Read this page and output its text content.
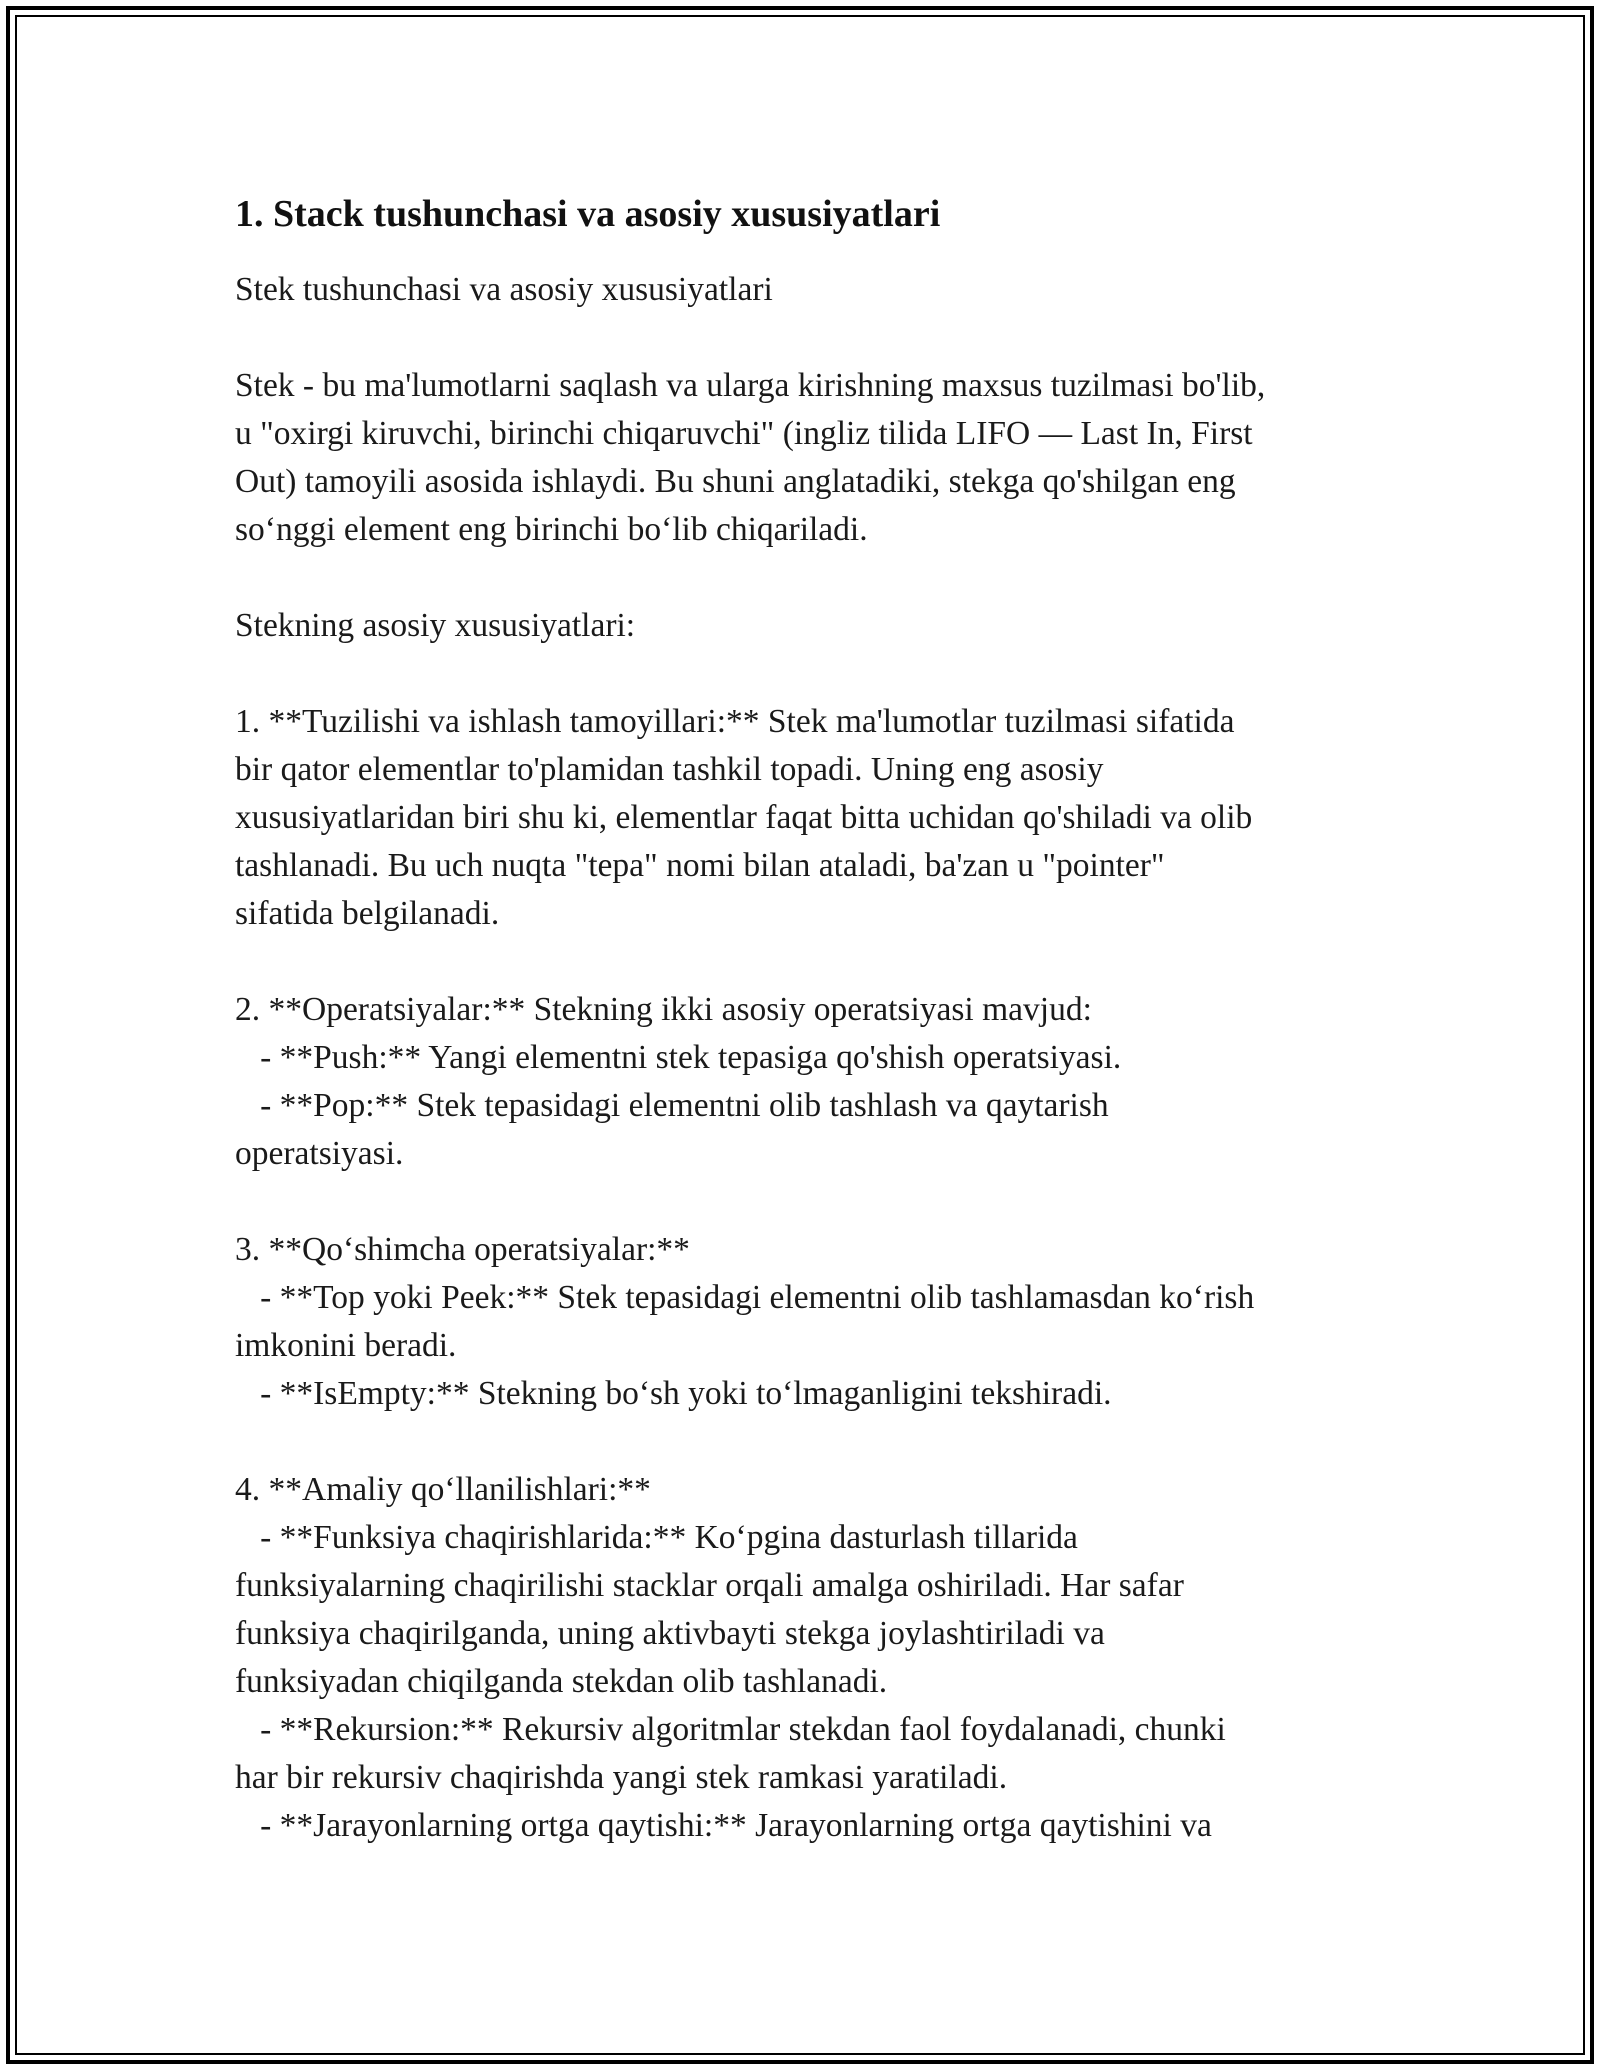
1. Stack tushunchasi va asosiy xususiyatlari
Stek tushunchasi va asosiy xususiyatlari
Stek - bu ma'lumotlarni saqlash va ularga kirishning maxsus tuzilmasi bo'lib,
u "oxirgi kiruvchi, birinchi chiqaruvchi" (ingliz tilida LIFO — Last In, First
Out) tamoyili asosida ishlaydi. Bu shuni anglatadiki, stekga qo'shilgan eng
so‘nggi element eng birinchi bo‘lib chiqariladi.
Stekning asosiy xususiyatlari:
1. **Tuzilishi va ishlash tamoyillari:** Stek ma'lumotlar tuzilmasi sifatida
bir qator elementlar to'plamidan tashkil topadi. Uning eng asosiy
xususiyatlaridan biri shu ki, elementlar faqat bitta uchidan qo'shiladi va olib
tashlanadi. Bu uch nuqta "tepa" nomi bilan ataladi, ba'zan u "pointer"
sifatida belgilanadi.
2. **Operatsiyalar:** Stekning ikki asosiy operatsiyasi mavjud:
- **Push:** Yangi elementni stek tepasiga qo'shish operatsiyasi.
- **Pop:** Stek tepasidagi elementni olib tashlash va qaytarish
operatsiyasi.
3. **Qo‘shimcha operatsiyalar:**
- **Top yoki Peek:** Stek tepasidagi elementni olib tashlamasdan ko‘rish
imkonini beradi.
- **IsEmpty:** Stekning bo‘sh yoki to‘lmaganligini tekshiradi.
4. **Amaliy qo‘llanilishlari:**
- **Funksiya chaqirishlarida:** Ko‘pgina dasturlash tillarida
funksiyalarning chaqirilishi stacklar orqali amalga oshiriladi. Har safar
funksiya chaqirilganda, uning aktivbayti stekga joylashtiriladi va
funksiyadan chiqilganda stekdan olib tashlanadi.
- **Rekursion:** Rekursiv algoritmlar stekdan faol foydalanadi, chunki
har bir rekursiv chaqirishda yangi stek ramkasi yaratiladi.
- **Jarayonlarning ortga qaytishi:** Jarayonlarning ortga qaytishini va
